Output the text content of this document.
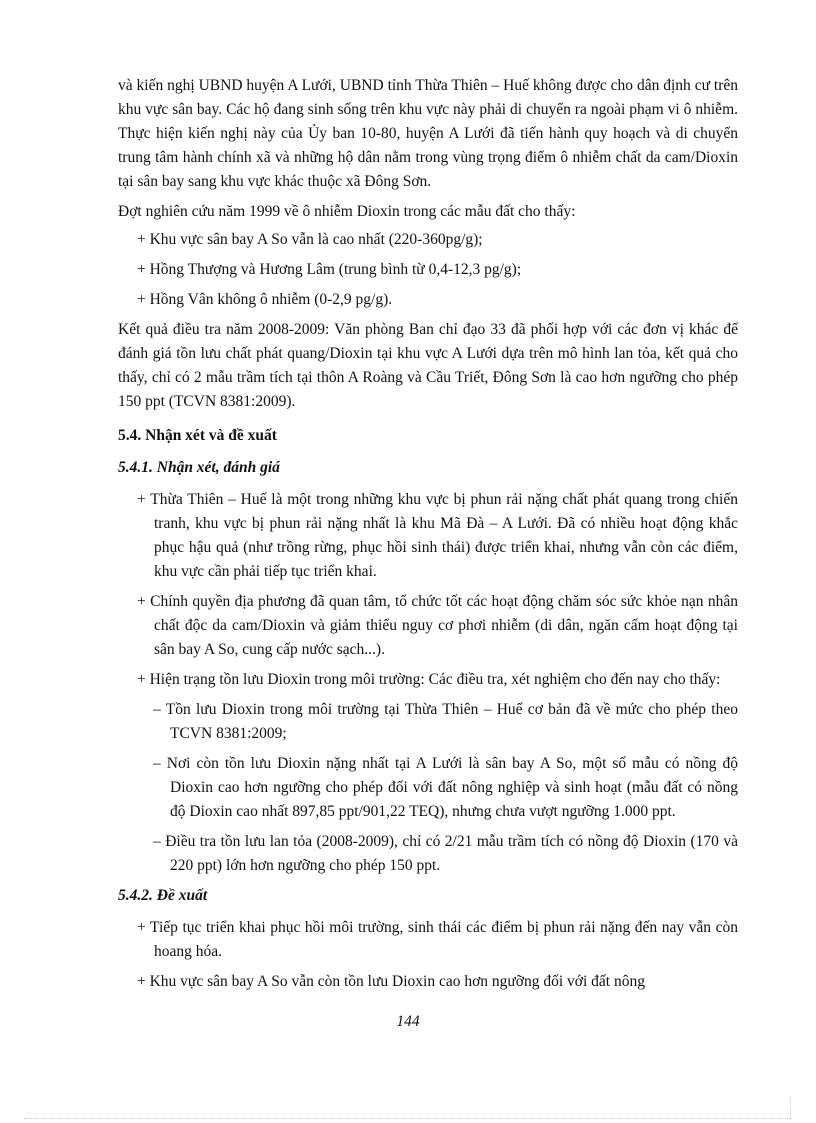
và kiến nghị UBND huyện A Lưới, UBND tỉnh Thừa Thiên – Huế không được cho dân định cư trên khu vực sân bay. Các hộ đang sinh sống trên khu vực này phải di chuyển ra ngoài phạm vi ô nhiễm. Thực hiện kiến nghị này của Ủy ban 10-80, huyện A Lưới đã tiến hành quy hoạch và di chuyển trung tâm hành chính xã và những hộ dân nằm trong vùng trọng điểm ô nhiễm chất da cam/Dioxin tại sân bay sang khu vực khác thuộc xã Đông Sơn.

Đợt nghiên cứu năm 1999 về ô nhiễm Dioxin trong các mẫu đất cho thấy:

+ Khu vực sân bay A So vẫn là cao nhất (220-360pg/g);

+ Hồng Thượng và Hương Lâm (trung bình từ 0,4-12,3 pg/g);

+ Hồng Vân không ô nhiễm (0-2,9 pg/g).

Kết quả điều tra năm 2008-2009: Văn phòng Ban chỉ đạo 33 đã phối hợp với các đơn vị khác để đánh giá tồn lưu chất phát quang/Dioxin tại khu vực A Lưới dựa trên mô hình lan tỏa, kết quả cho thấy, chỉ có 2 mẫu trầm tích tại thôn A Roàng và Cầu Triết, Đông Sơn là cao hơn ngưỡng cho phép 150 ppt (TCVN 8381:2009).

5.4. Nhận xét và đề xuất

5.4.1. Nhận xét, đánh giá

+ Thừa Thiên – Huế là một trong những khu vực bị phun rải nặng chất phát quang trong chiến tranh, khu vực bị phun rải nặng nhất là khu Mã Đà – A Lưới. Đã có nhiều hoạt động khắc phục hậu quả (như trồng rừng, phục hồi sinh thái) được triển khai, nhưng vẫn còn các điểm, khu vực cần phải tiếp tục triển khai.

+ Chính quyền địa phương đã quan tâm, tổ chức tốt các hoạt động chăm sóc sức khỏe nạn nhân chất độc da cam/Dioxin và giảm thiểu nguy cơ phơi nhiễm (di dân, ngăn cấm hoạt động tại sân bay A So, cung cấp nước sạch...).

+ Hiện trạng tồn lưu Dioxin trong môi trường: Các điều tra, xét nghiệm cho đến nay cho thấy:

– Tồn lưu Dioxin trong môi trường tại Thừa Thiên – Huế cơ bản đã về mức cho phép theo TCVN 8381:2009;

– Nơi còn tồn lưu Dioxin nặng nhất tại A Lưới là sân bay A So, một số mẫu có nồng độ Dioxin cao hơn ngưỡng cho phép đối với đất nông nghiệp và sinh hoạt (mẫu đất có nồng độ Dioxin cao nhất 897,85 ppt/901,22 TEQ), nhưng chưa vượt ngưỡng 1.000 ppt.

– Điều tra tồn lưu lan tỏa (2008-2009), chỉ có 2/21 mẫu trầm tích có nồng độ Dioxin (170 và 220 ppt) lớn hơn ngưỡng cho phép 150 ppt.

5.4.2. Đề xuất

+ Tiếp tục triển khai phục hồi môi trường, sinh thái các điểm bị phun rải nặng đến nay vẫn còn hoang hóa.

+ Khu vực sân bay A So vẫn còn tồn lưu Dioxin cao hơn ngưỡng đối với đất nông

144
